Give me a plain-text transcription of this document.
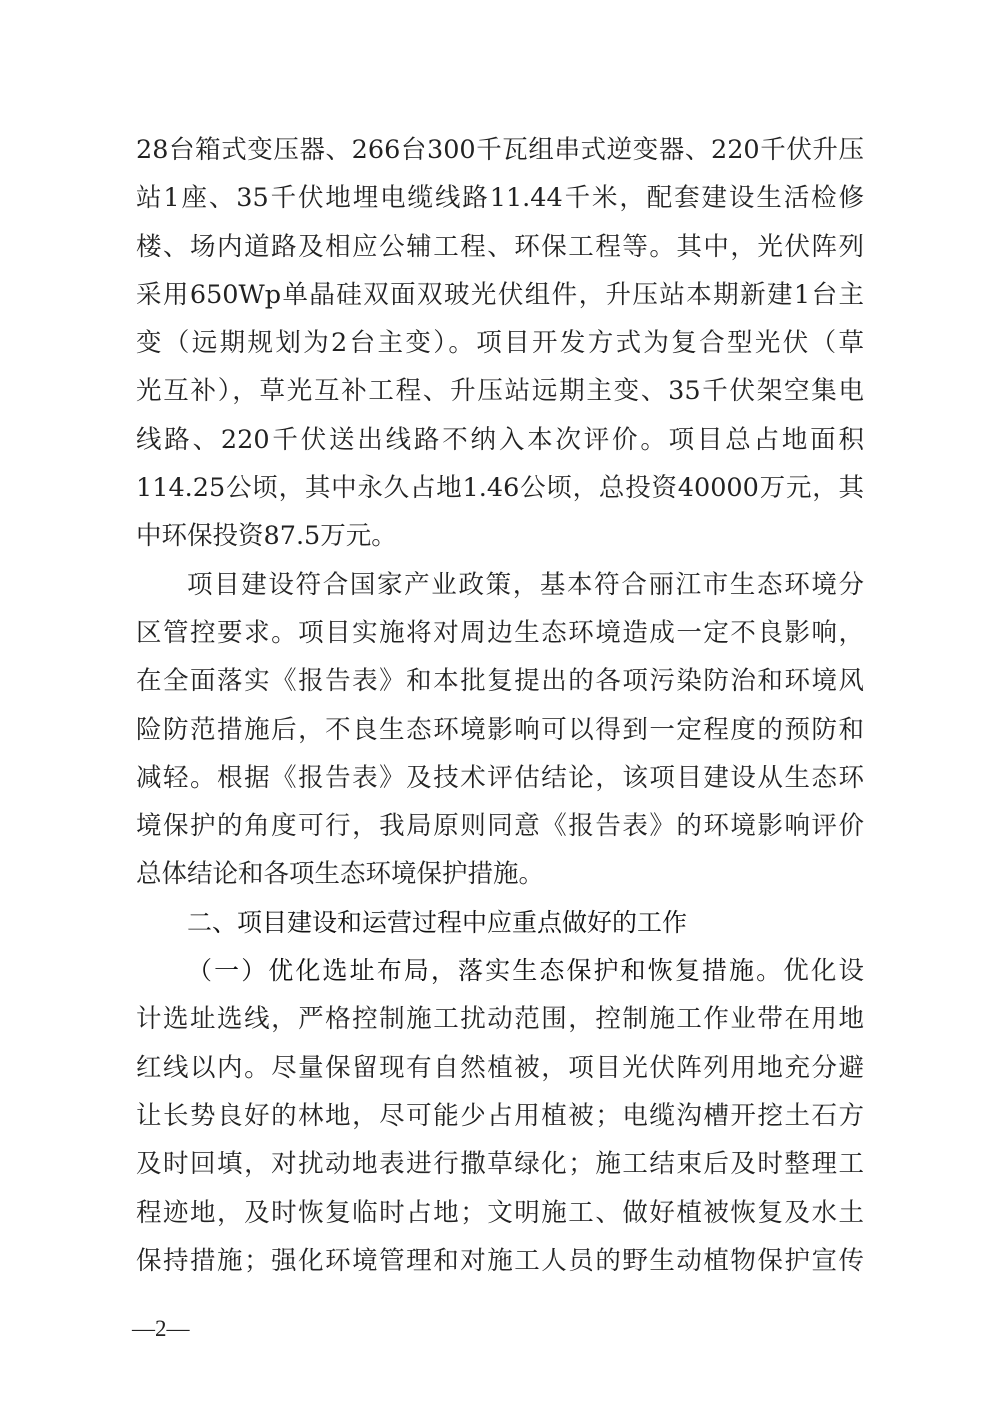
28台箱式变压器、266台300千瓦组串式逆变器、220千伏升压
站1座、35千伏地埋电缆线路11.44千米，配套建设生活检修
楼、场内道路及相应公辅工程、环保工程等。其中，光伏阵列
采用650Wp单晶硅双面双玻光伏组件，升压站本期新建1台主
变（远期规划为2台主变）。项目开发方式为复合型光伏（草
光互补），草光互补工程、升压站远期主变、35千伏架空集电
线路、220千伏送出线路不纳入本次评价。项目总占地面积
114.25公顷，其中永久占地1.46公顷，总投资40000万元，其
中环保投资87.5万元。
项目建设符合国家产业政策，基本符合丽江市生态环境分
区管控要求。项目实施将对周边生态环境造成一定不良影响，
在全面落实《报告表》和本批复提出的各项污染防治和环境风
险防范措施后，不良生态环境影响可以得到一定程度的预防和
减轻。根据《报告表》及技术评估结论，该项目建设从生态环
境保护的角度可行，我局原则同意《报告表》的环境影响评价
总体结论和各项生态环境保护措施。
二、项目建设和运营过程中应重点做好的工作
（一）优化选址布局，落实生态保护和恢复措施。优化设
计选址选线，严格控制施工扰动范围，控制施工作业带在用地
红线以内。尽量保留现有自然植被，项目光伏阵列用地充分避
让长势良好的林地，尽可能少占用植被；电缆沟槽开挖土石方
及时回填，对扰动地表进行撒草绿化；施工结束后及时整理工
程迹地，及时恢复临时占地；文明施工、做好植被恢复及水土
保持措施；强化环境管理和对施工人员的野生动植物保护宣传
—2—
